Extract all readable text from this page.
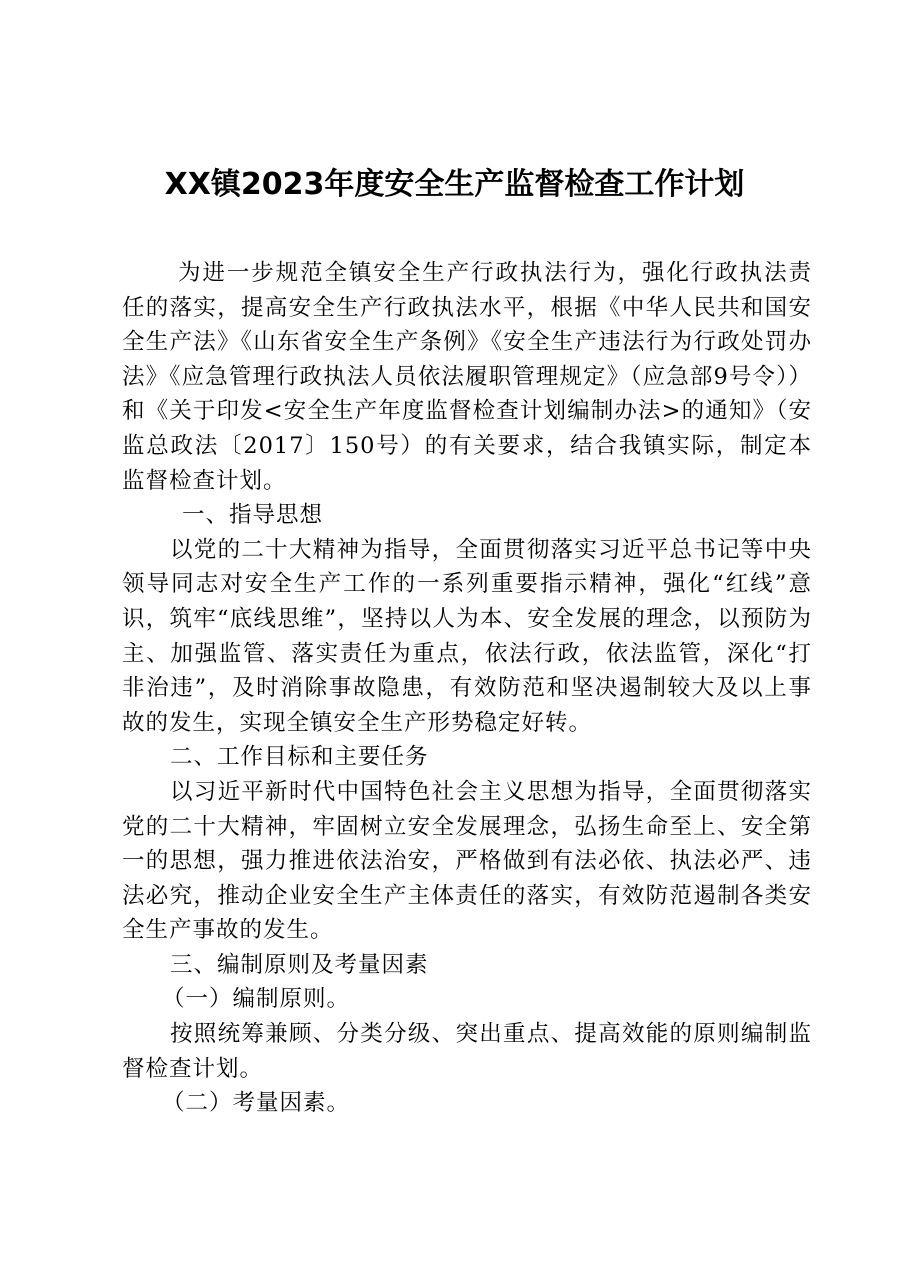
XX镇2023年度安全生产监督检查工作计划

为进一步规范全镇安全生产行政执法行为，强化行政执法责任的落实，提高安全生产行政执法水平，根据《中华人民共和国安全生产法》《山东省安全生产条例》《安全生产违法行为行政处罚办法》《应急管理行政执法人员依法履职管理规定》（应急部9号令））和《关于印发<安全生产年度监督检查计划编制办法>的通知》（安监总政法〔2017〕150号）的有关要求，结合我镇实际，制定本监督检查计划。

一、指导思想

以党的二十大精神为指导，全面贯彻落实习近平总书记等中央领导同志对安全生产工作的一系列重要指示精神，强化“红线”意识，筑牢“底线思维”，坚持以人为本、安全发展的理念，以预防为主、加强监管、落实责任为重点，依法行政，依法监管，深化“打非治违”，及时消除事故隐患，有效防范和坚决遏制较大及以上事故的发生，实现全镇安全生产形势稳定好转。

二、工作目标和主要任务

以习近平新时代中国特色社会主义思想为指导，全面贯彻落实党的二十大精神，牢固树立安全发展理念，弘扬生命至上、安全第一的思想，强力推进依法治安，严格做到有法必依、执法必严、违法必究，推动企业安全生产主体责任的落实，有效防范遏制各类安全生产事故的发生。

三、编制原则及考量因素

（一）编制原则。

按照统筹兼顾、分类分级、突出重点、提高效能的原则编制监督检查计划。

（二）考量因素。
